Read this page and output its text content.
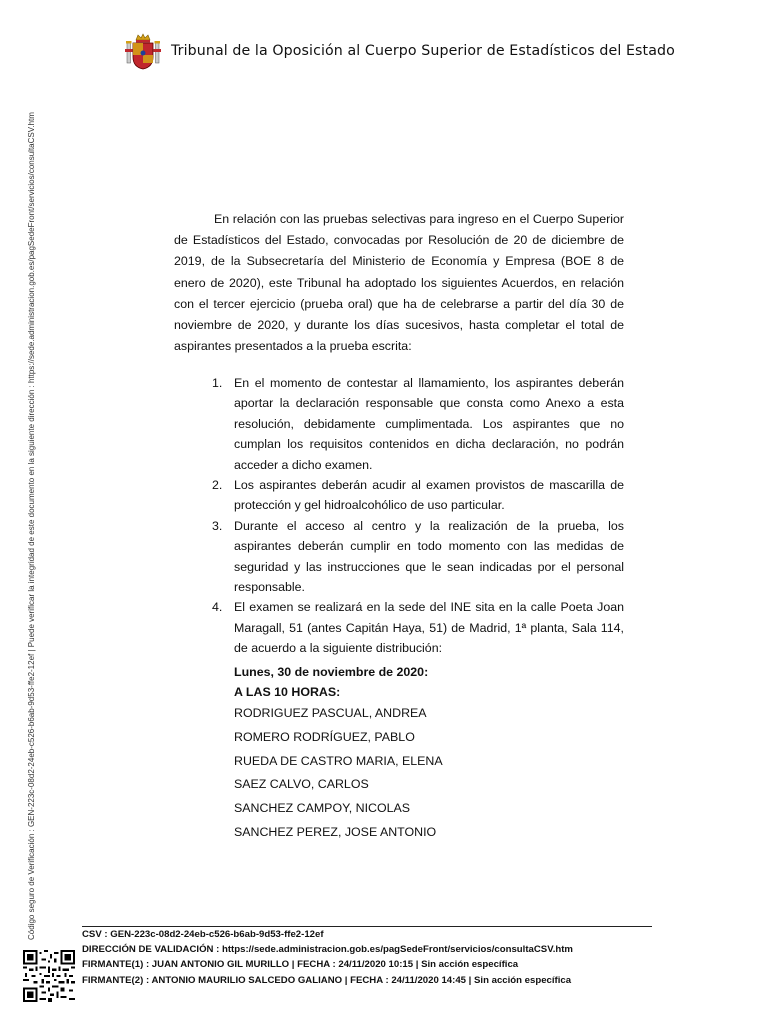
Tribunal de la Oposición al Cuerpo Superior de Estadísticos del Estado
Código seguro de Verificación : GEN-223c-08d2-24eb-c526-b6ab-9d53-ffe2-12ef | Puede verificar la integridad de este documento en la siguiente dirección : https://sede.administracion.gob.es/pagSedeFront/servicios/consultaCSV.htm	En relación con las pruebas selectivas para ingreso en el Cuerpo Superior de Estadísticos del Estado, convocadas por Resolución de 20 de diciembre de 2019, de la Subsecretaría del Ministerio de Economía y Empresa (BOE 8 de enero de 2020), este Tribunal ha adoptado los siguientes Acuerdos, en relación con el tercer ejercicio (prueba oral) que ha de celebrarse a partir del día 30 de noviembre de 2020, y durante los días sucesivos, hasta completar el total de aspirantes presentados a la prueba escrita:

1. En el momento de contestar al llamamiento, los aspirantes deberán aportar la declaración responsable que consta como Anexo a esta resolución, debidamente cumplimentada. Los aspirantes que no cumplan los requisitos contenidos en dicha declaración, no podrán acceder a dicho examen.
2. Los aspirantes deberán acudir al examen provistos de mascarilla de protección y gel hidroalcohólico de uso particular.
3. Durante el acceso al centro y la realización de la prueba, los aspirantes deberán cumplir en todo momento con las medidas de seguridad y las instrucciones que le sean indicadas por el personal responsable.
4. El examen se realizará en la sede del INE sita en la calle Poeta Joan Maragall, 51 (antes Capitán Haya, 51) de Madrid, 1ª planta, Sala 114, de acuerdo a la siguiente distribución:
Lunes, 30 de noviembre de 2020:
A LAS 10 HORAS:
RODRIGUEZ PASCUAL, ANDREA
ROMERO RODRÍGUEZ, PABLO
RUEDA DE CASTRO MARIA, ELENA
SAEZ CALVO, CARLOS
SANCHEZ CAMPOY, NICOLAS
SANCHEZ PEREZ, JOSE ANTONIO
CSV : GEN-223c-08d2-24eb-c526-b6ab-9d53-ffe2-12ef
DIRECCIÓN DE VALIDACIÓN : https://sede.administracion.gob.es/pagSedeFront/servicios/consultaCSV.htm
FIRMANTE(1) : JUAN ANTONIO GIL MURILLO | FECHA : 24/11/2020 10:15 | Sin acción específica
FIRMANTE(2) : ANTONIO MAURILIO SALCEDO GALIANO | FECHA : 24/11/2020 14:45 | Sin acción específica
